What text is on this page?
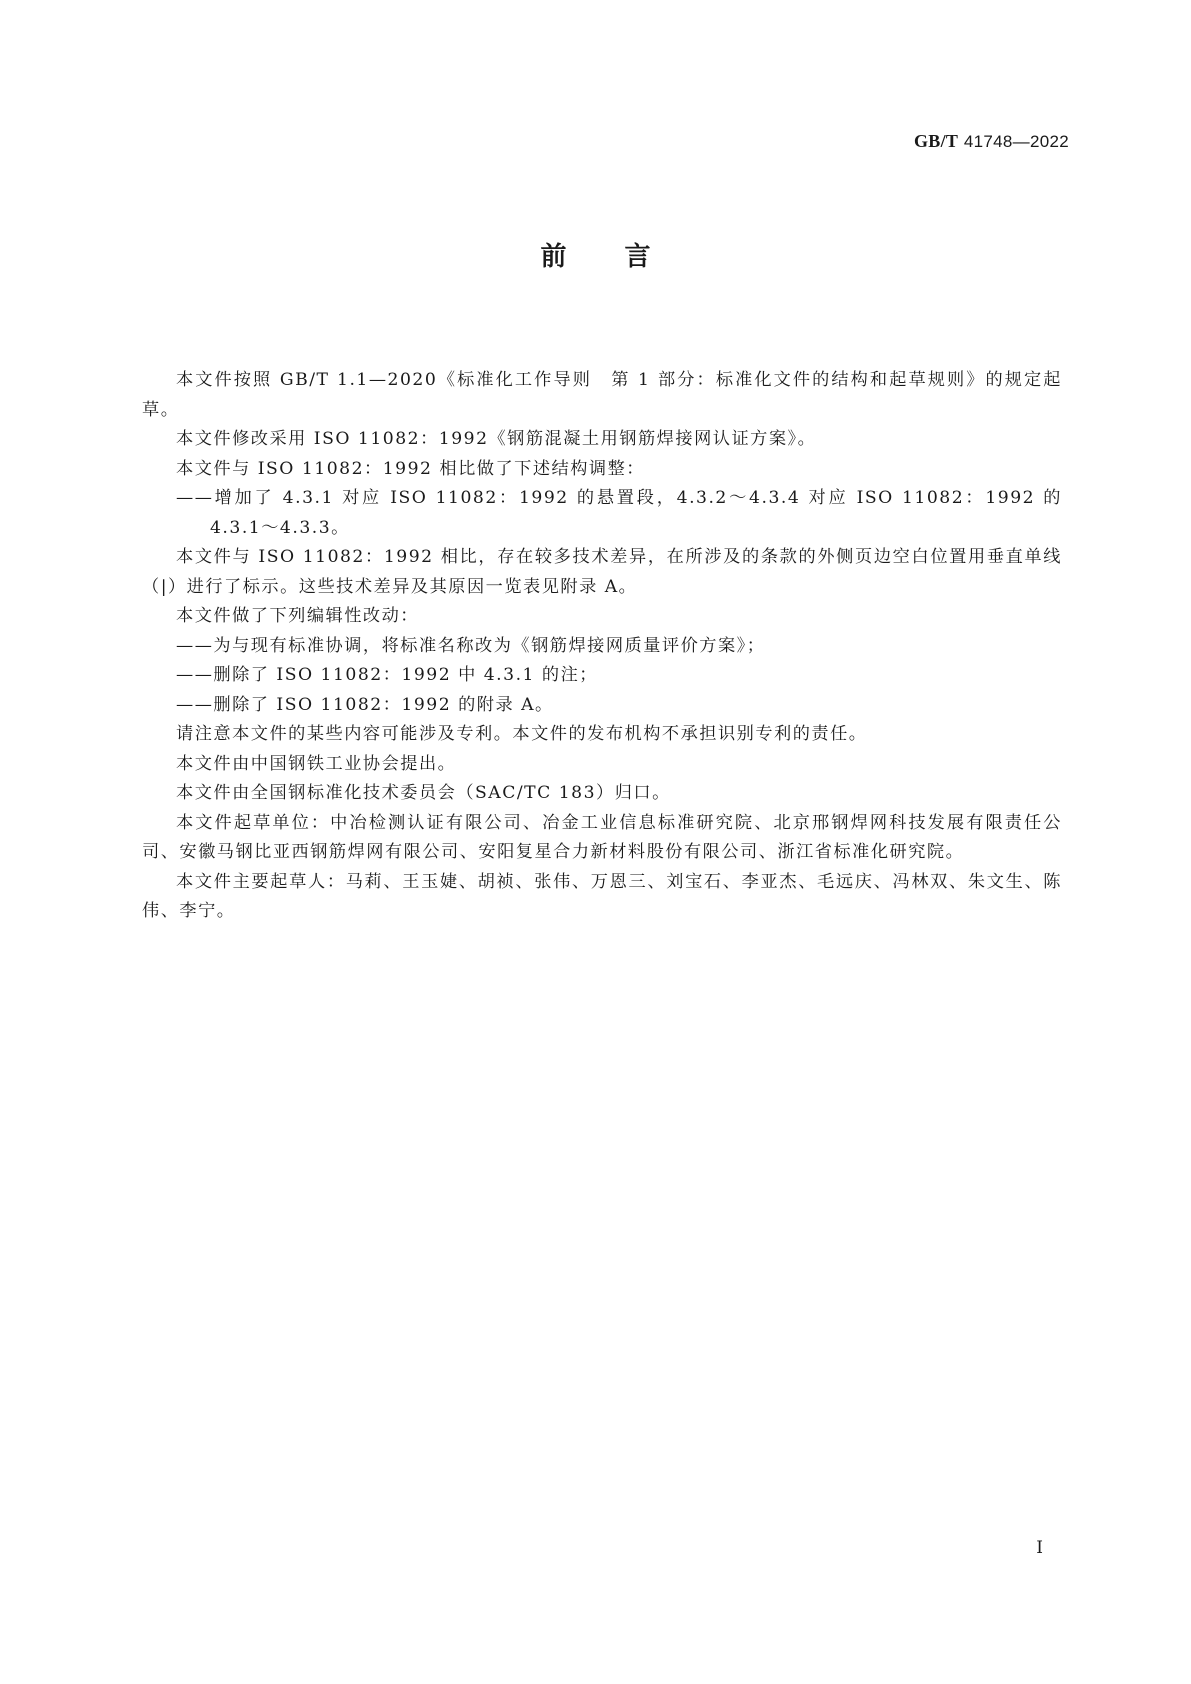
GB/T 41748—2022
前言

本文件按照 GB/T 1.1—2020《标准化工作导则　第 1 部分：标准化文件的结构和起草规则》的规定起草。

本文件修改采用 ISO 11082：1992《钢筋混凝土用钢筋焊接网认证方案》。

本文件与 ISO 11082：1992 相比做了下述结构调整：

——增加了 4.3.1 对应 ISO 11082：1992 的悬置段，4.3.2～4.3.4 对应 ISO 11082：1992 的 4.3.1～4.3.3。

本文件与 ISO 11082：1992 相比，存在较多技术差异，在所涉及的条款的外侧页边空白位置用垂直单线（|）进行了标示。这些技术差异及其原因一览表见附录 A。

本文件做了下列编辑性改动：

——为与现有标准协调，将标准名称改为《钢筋焊接网质量评价方案》；

——删除了 ISO 11082：1992 中 4.3.1 的注；

——删除了 ISO 11082：1992 的附录 A。

请注意本文件的某些内容可能涉及专利。本文件的发布机构不承担识别专利的责任。

本文件由中国钢铁工业协会提出。

本文件由全国钢标准化技术委员会（SAC/TC 183）归口。

本文件起草单位：中冶检测认证有限公司、冶金工业信息标准研究院、北京邢钢焊网科技发展有限责任公司、安徽马钢比亚西钢筋焊网有限公司、安阳复星合力新材料股份有限公司、浙江省标准化研究院。

本文件主要起草人：马莉、王玉婕、胡祯、张伟、万恩三、刘宝石、李亚杰、毛远庆、冯林双、朱文生、陈伟、李宁。

I
